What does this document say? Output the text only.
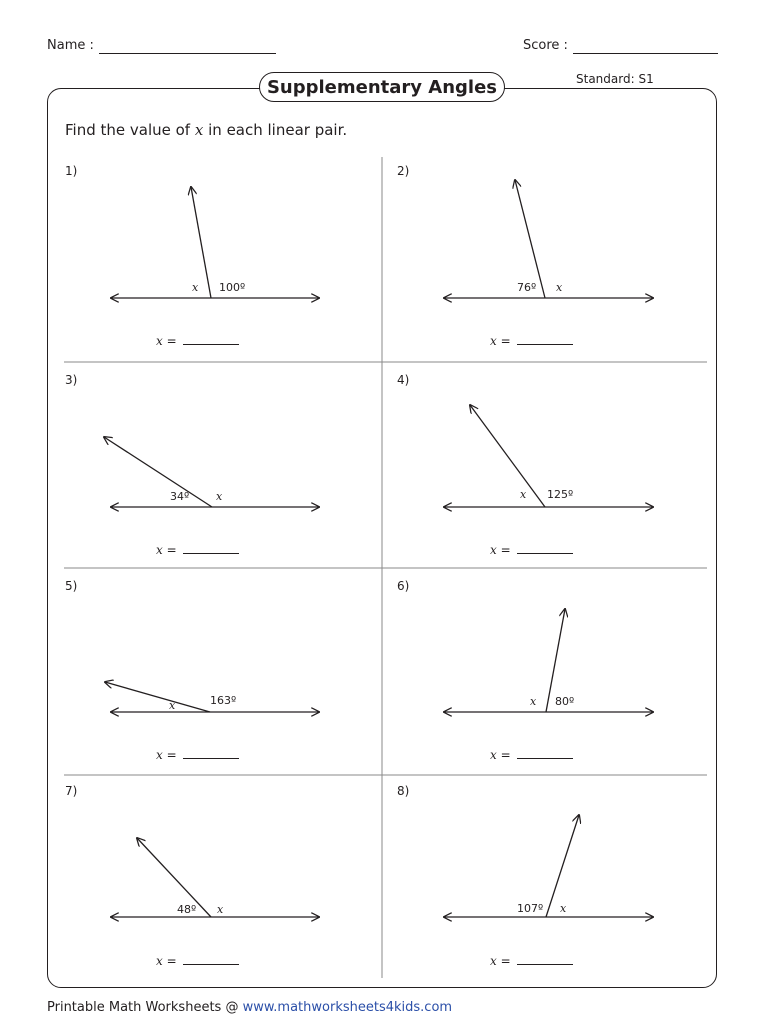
Name :	Score :
Supplementary Angles	Standard: S1
Find the value of x in each linear pair.
x 100º	76º x
34º x	x 125º
x	163º	x 80º
48º x	107º x
1)	2)
3)	4)
5)	6)
7)	8)
x =	x =
x =	x =
x =	x =
x =	x =
Printable Math Worksheets @ www.mathworksheets4kids.com
